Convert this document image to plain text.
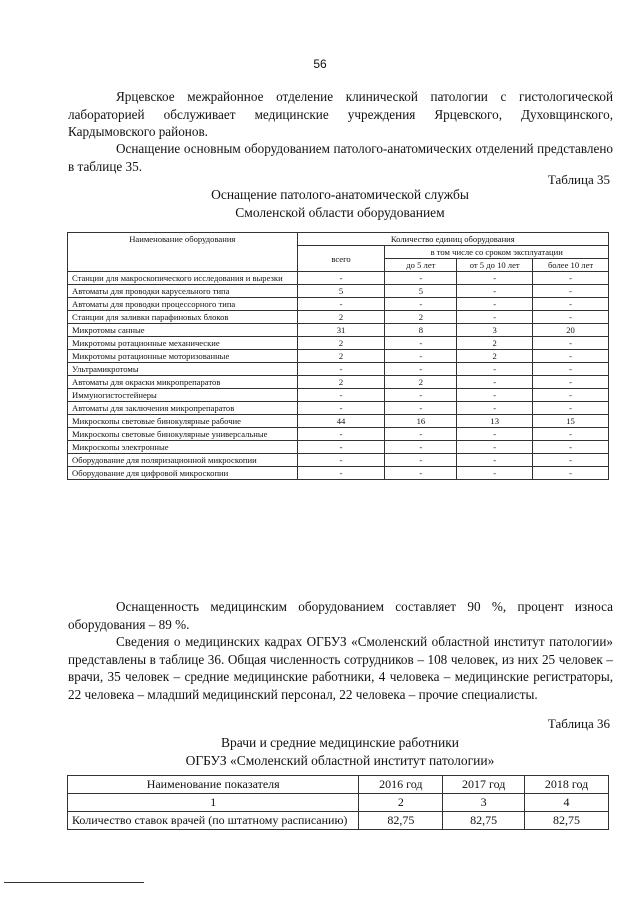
56
Ярцевское межрайонное отделение клинической патологии с гистологической лабораторией обслуживает медицинские учреждения Ярцевского, Духовщинского, Кардымовского районов.
Оснащение основным оборудованием патолого-анатомических отделений представлено в таблице 35.
Таблица 35
Оснащение патолого-анатомической службы
Смоленской области оборудованием
Наименование оборудования	Количество единиц оборудования			
	всего	в том числе со сроком эксплуатации		
		до 5 лет	от 5 до 10 лет	более 10 лет
Станции для макроскопического исследования и вырезки	-	-	-	-
Автоматы для проводки карусельного типа	5	5	-	-
Автоматы для проводки процессорного типа	-	-	-	-
Станции для заливки парафиновых блоков	2	2	-	-
Микротомы санные	31	8	3	20
Микротомы ротационные механические	2	-	2	-
Микротомы ротационные моторизованные	2	-	2	-
Ультрамикротомы	-	-	-	-
Автоматы для окраски микропрепаратов	2	2	-	-
Иммуногистостейнеры	-	-	-	-
Автоматы для заключения микропрепаратов	-	-	-	-
Микроскопы световые бинокулярные рабочие	44	16	13	15
Микроскопы световые бинокулярные универсальные	-	-	-	-
Микроскопы электронные	-	-	-	-
Оборудование для поляризационной микроскопии	-	-	-	-
Оборудование для цифровой микроскопии	-	-	-	-
Оснащенность медицинским оборудованием составляет 90 %, процент износа оборудования – 89 %.
Сведения о медицинских кадрах ОГБУЗ «Смоленский областной институт патологии» представлены в таблице 36. Общая численность сотрудников – 108 человек, из них 25 человек – врачи, 35 человек – средние медицинские работники, 4 человека – медицинские регистраторы, 22 человека – младший медицинский персонал, 22 человека – прочие специалисты.
Таблица 36
Врачи и средние медицинские работники
ОГБУЗ «Смоленский областной институт патологии»
Наименование показателя	2016 год	2017 год	2018 год
1	2	3	4
Количество ставок врачей (по штатному расписанию)	82,75	82,75	82,75
